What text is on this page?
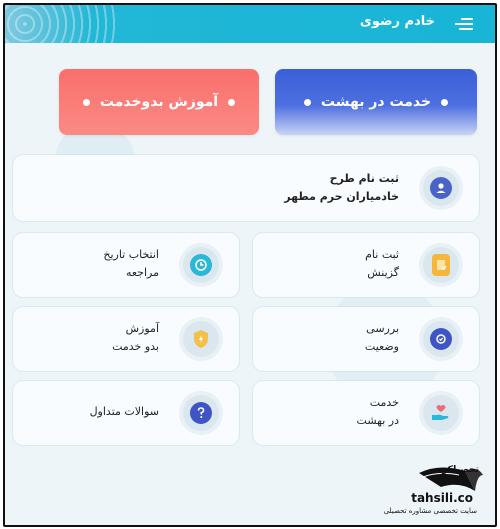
خادم رضوی
خدمت در بهشت
آموزش بدوخدمت
ثبت نام طرح
خادمیاران حرم مطهر
ثبت نام
گزینش
انتخاب تاریخ
مراجعه
بررسی
وضعیت
آموزش
بدو خدمت
خدمت
در بهشت
سوالات متداول
تحصیلکو
tahsili.co
سایت تخصصی مشاوره تحصیلی
